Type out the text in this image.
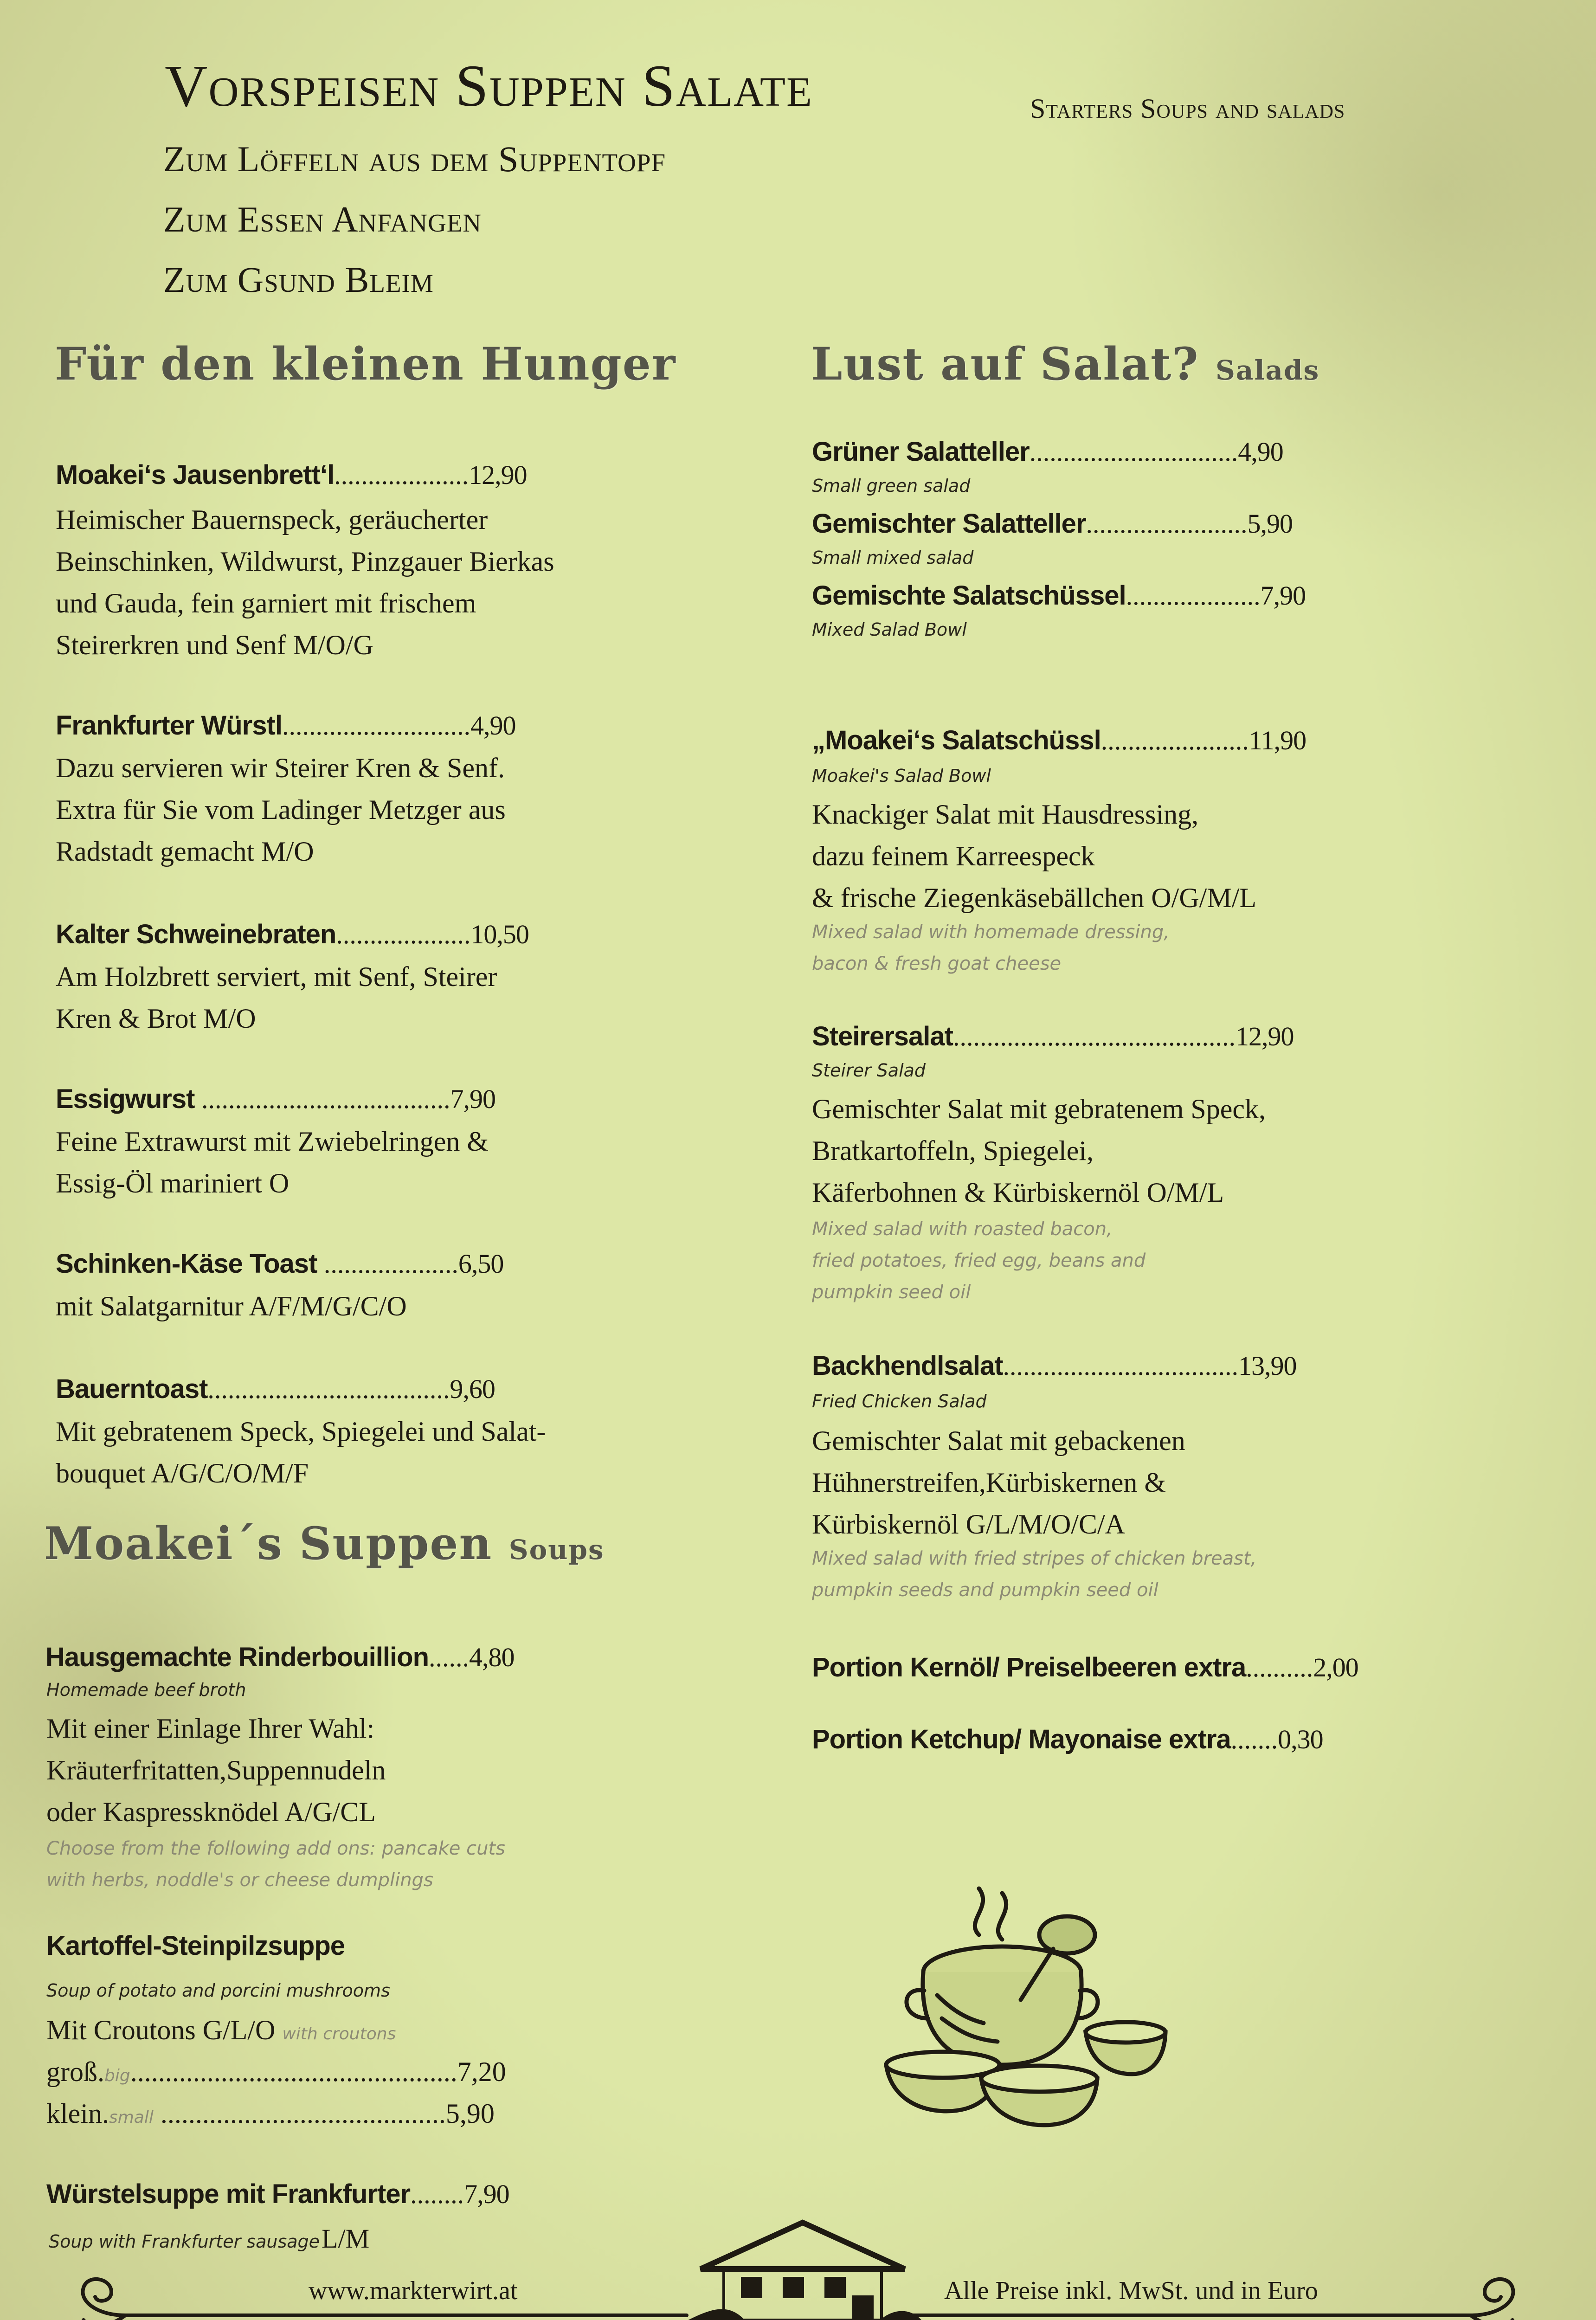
Vorspeisen Suppen Salate	Starters Soups and salads
Zum Löffeln aus dem Suppentopf
Zum Essen Anfangen
Zum Gsund Bleim
Für den kleinen Hunger
Moakei‘s Jausenbrett‘l....................12,90
Heimischer Bauernspeck, geräucherter
Beinschinken, Wildwurst, Pinzgauer Bierkas
und Gauda, fein garniert mit frischem
Steirerkren und Senf M/O/G
Frankfurter Würstl............................4,90
Dazu servieren wir Steirer Kren & Senf.
Extra für Sie vom Ladinger Metzger aus
Radstadt gemacht M/O
Kalter Schweinebraten....................10,50
Am Holzbrett serviert, mit Senf, Steirer
Kren & Brot M/O
Essigwurst .....................................7,90
Feine Extrawurst mit Zwiebelringen &
Essig-Öl mariniert O
Schinken-Käse Toast ....................6,50
mit Salatgarnitur A/F/M/G/C/O
Bauerntoast....................................9,60
Mit gebratenem Speck, Spiegelei und Salat-
bouquet A/G/C/O/M/F
Moakei´s Suppen Soups
Hausgemachte Rinderbouillion......4,80
Homemade beef broth
Mit einer Einlage Ihrer Wahl:
Kräuterfritatten,Suppennudeln
oder Kaspressknödel A/G/CL
Choose from the following add ons: pancake cuts
with herbs, noddle's or cheese dumplings
Kartoffel-Steinpilzsuppe
Soup of potato and porcini mushrooms
Mit Croutons G/L/O with croutons
groß.big...............................................7,20
klein.small .........................................5,90
Würstelsuppe mit Frankfurter........7,90
Soup with Frankfurter sausage L/M
Lust auf Salat? Salads
Grüner Salatteller...............................4,90
Small green salad
Gemischter Salatteller........................5,90
Small mixed salad
Gemischte Salatschüssel....................7,90
Mixed Salad Bowl
„Moakei‘s Salatschüssl......................11,90
Moakei's Salad Bowl
Knackiger Salat mit Hausdressing,
dazu feinem Karreespeck
& frische Ziegenkäsebällchen O/G/M/L
Mixed salad with homemade dressing,
bacon & fresh goat cheese
Steirersalat..........................................12,90
Steirer Salad
Gemischter Salat mit gebratenem Speck,
Bratkartoffeln, Spiegelei,
Käferbohnen & Kürbiskernöl O/M/L
Mixed salad with roasted bacon,
fried potatoes, fried egg, beans and
pumpkin seed oil
Backhendlsalat...................................13,90
Fried Chicken Salad
Gemischter Salat mit gebackenen
Hühnerstreifen,Kürbiskernen &
Kürbiskernöl G/L/M/O/C/A
Mixed salad with fried stripes of chicken breast,
pumpkin seeds and pumpkin seed oil
Portion Kernöl/ Preiselbeeren extra..........2,00
Portion Ketchup/ Mayonaise extra.......0,30
www.markterwirt.at	Alle Preise inkl. MwSt. und in Euro
